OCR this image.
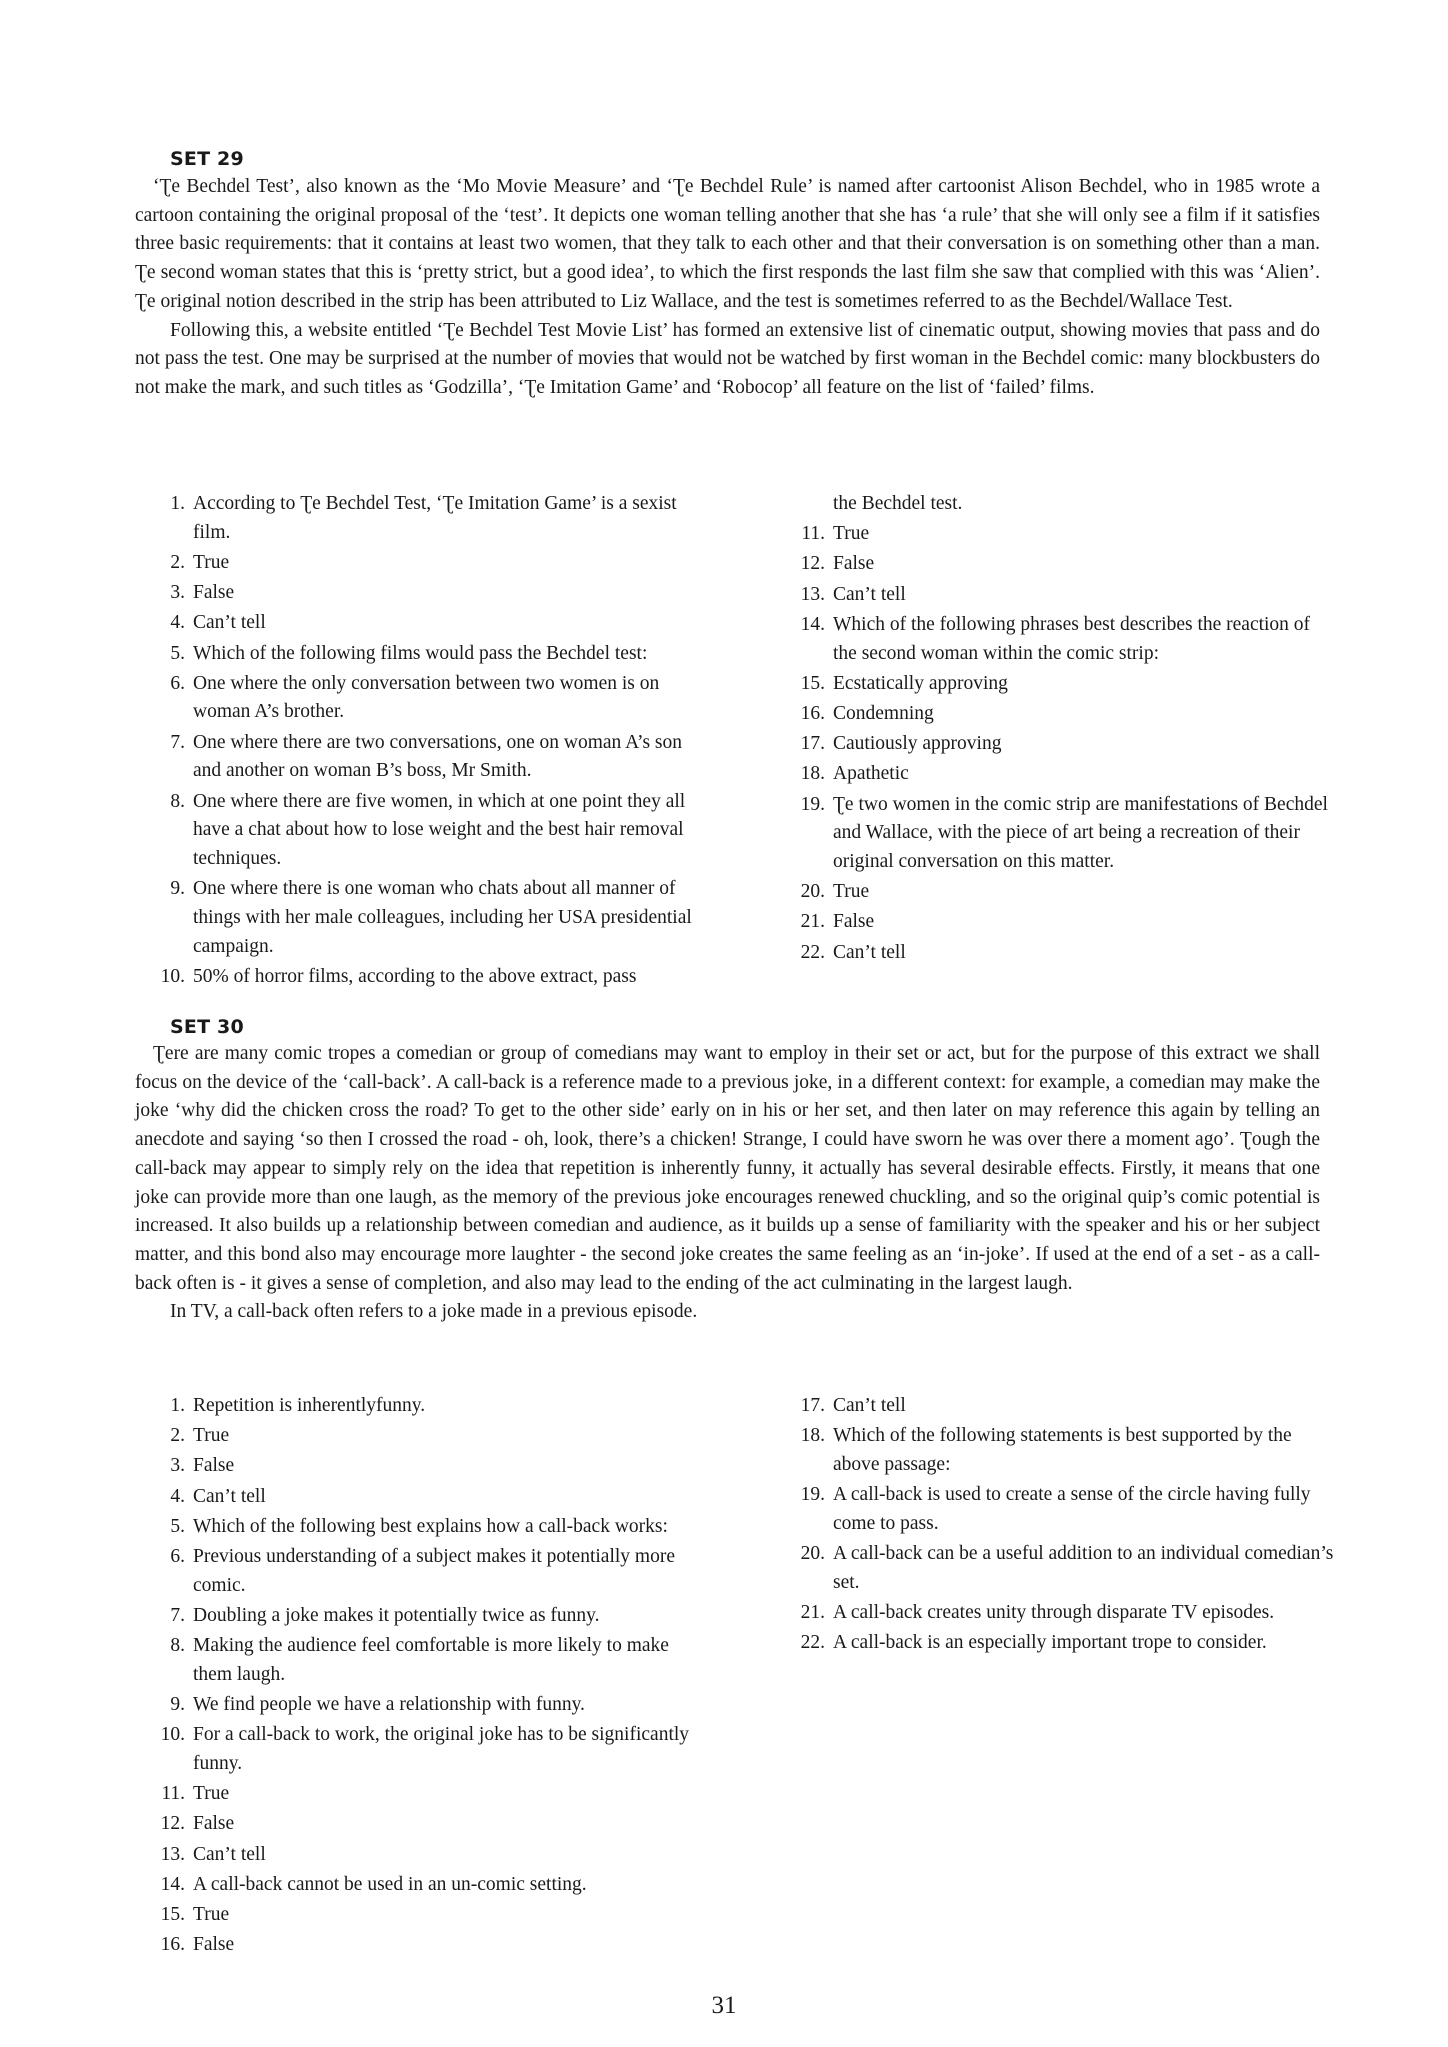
SET 29

‘Ʈe Bechdel Test’, also known as the ‘Mo Movie Measure’ and ‘Ʈe Bechdel Rule’ is named after cartoonist Alison Bechdel, who in 1985 wrote a cartoon containing the original proposal of the ‘test’. It depicts one woman telling another that she has ‘a rule’ that she will only see a film if it satisfies three basic requirements: that it contains at least two women, that they talk to each other and that their conversation is on something other than a man. Ʈe second woman states that this is ‘pretty strict, but a good idea’, to which the first responds the last film she saw that complied with this was ‘Alien’. Ʈe original notion described in the strip has been attributed to Liz Wallace, and the test is sometimes referred to as the Bechdel/Wallace Test.

Following this, a website entitled ‘Ʈe Bechdel Test Movie List’ has formed an extensive list of cinematic output, showing movies that pass and do not pass the test. One may be surprised at the number of movies that would not be watched by first woman in the Bechdel comic: many blockbusters do not make the mark, and such titles as ‘Godzilla’, ‘Ʈe Imitation Game’ and ‘Robocop’ all feature on the list of ‘failed’ films.

1. According to Ʈe Bechdel Test, ‘Ʈe Imitation Game’ is a sexist film.
2. True
3. False
4. Can’t tell
5. Which of the following films would pass the Bechdel test:
6. One where the only conversation between two women is on woman A’s brother.
7. One where there are two conversations, one on woman A’s son and another on woman B’s boss, Mr Smith.
8. One where there are five women, in which at one point they all have a chat about how to lose weight and the best hair removal techniques.
9. One where there is one woman who chats about all manner of things with her male colleagues, including her USA presidential campaign.
10. 50% of horror films, according to the above extract, pass
the Bechdel test.
11. True
12. False
13. Can’t tell
14. Which of the following phrases best describes the reaction of the second woman within the comic strip:
15. Ecstatically approving
16. Condemning
17. Cautiously approving
18. Apathetic
19. Ʈe two women in the comic strip are manifestations of Bechdel and Wallace, with the piece of art being a recreation of their original conversation on this matter.
20. True
21. False
22. Can’t tell
SET 30

Ʈere are many comic tropes a comedian or group of comedians may want to employ in their set or act, but for the purpose of this extract we shall focus on the device of the ‘call-back’. A call-back is a reference made to a previous joke, in a different context: for example, a comedian may make the joke ‘why did the chicken cross the road? To get to the other side’ early on in his or her set, and then later on may reference this again by telling an anecdote and saying ‘so then I crossed the road - oh, look, there’s a chicken! Strange, I could have sworn he was over there a moment ago’. Ʈough the call-back may appear to simply rely on the idea that repetition is inherently funny, it actually has several desirable effects. Firstly, it means that one joke can provide more than one laugh, as the memory of the previous joke encourages renewed chuckling, and so the original quip’s comic potential is increased. It also builds up a relationship between comedian and audience, as it builds up a sense of familiarity with the speaker and his or her subject matter, and this bond also may encourage more laughter - the second joke creates the same feeling as an ‘in-joke’. If used at the end of a set - as a call-back often is - it gives a sense of completion, and also may lead to the ending of the act culminating in the largest laugh.

In TV, a call-back often refers to a joke made in a previous episode.

1. Repetition is inherentlyfunny.
2. True
3. False
4. Can’t tell
5. Which of the following best explains how a call-back works:
6. Previous understanding of a subject makes it potentially more comic.
7. Doubling a joke makes it potentially twice as funny.
8. Making the audience feel comfortable is more likely to make them laugh.
9. We find people we have a relationship with funny.
10. For a call-back to work, the original joke has to be significantly funny.
11. True
12. False
13. Can’t tell
14. A call-back cannot be used in an un-comic setting.
15. True
16. False
17. Can’t tell
18. Which of the following statements is best supported by the above passage:
19. A call-back is used to create a sense of the circle having fully come to pass.
20. A call-back can be a useful addition to an individual comedian’s set.
21. A call-back creates unity through disparate TV episodes.
22. A call-back is an especially important trope to consider.
31
